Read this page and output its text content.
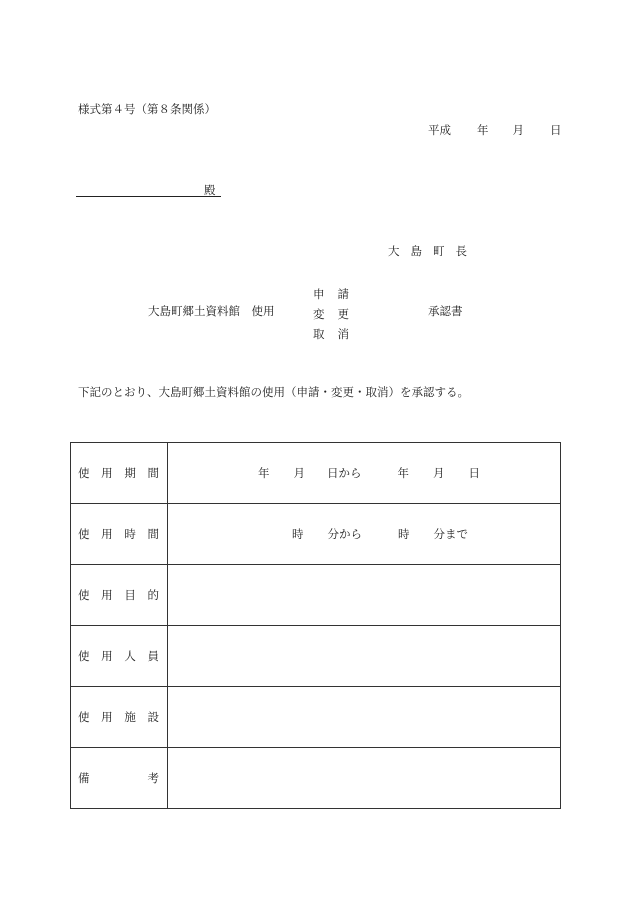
様式第４号（第８条関係）
平成 年 月 日
殿
大島町長
大島町郷土資料館　使用
申請
変更
取消
承認書
下記のとおり、大島町郷土資料館の使用（申請・変更・取消）を承認する。
使 用 期 間	年 月 日から 年 月 日

使 用 時 間	時 分から 時 分まで

使 用 目 的	

使 用 人 員	

使 用 施 設	

備 考	
